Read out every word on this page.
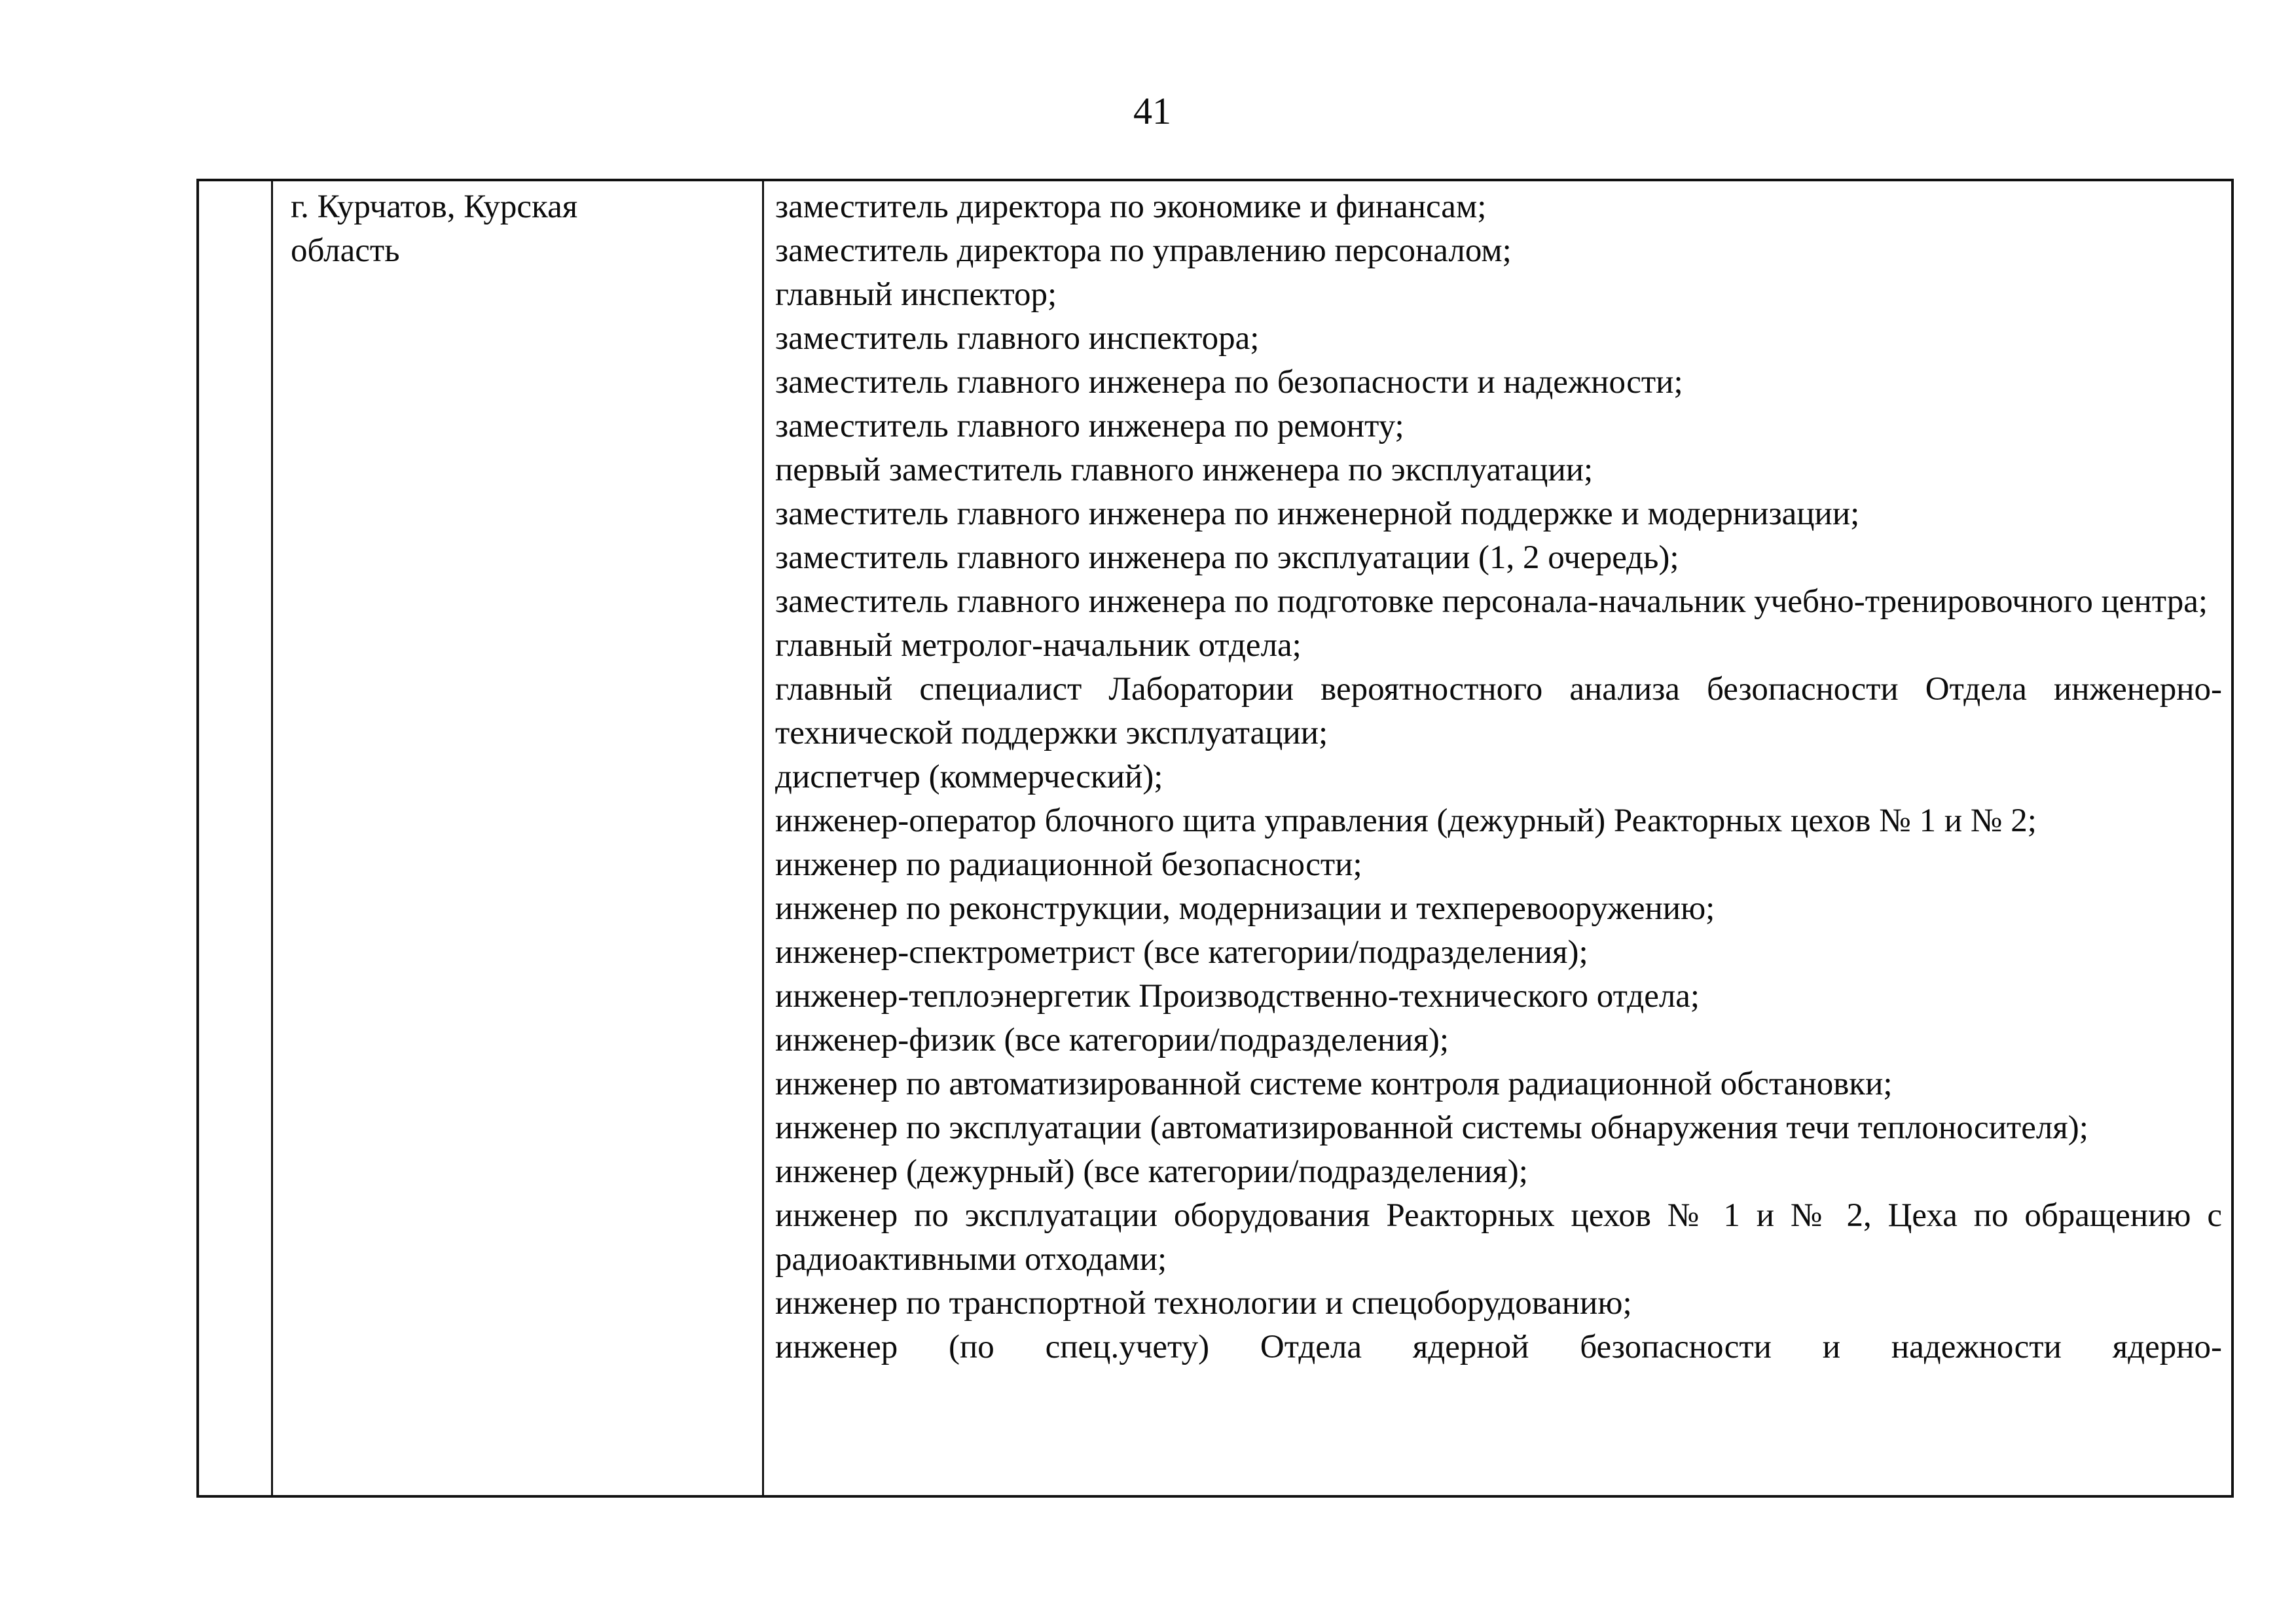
41
г. Курчатов, Курская
область
заместитель директора по экономике и финансам;
заместитель директора по управлению персоналом;
главный инспектор;
заместитель главного инспектора;
заместитель главного инженера по безопасности и надежности;
заместитель главного инженера по ремонту;
первый заместитель главного инженера по эксплуатации;
заместитель главного инженера по инженерной поддержке и модернизации;
заместитель главного инженера по эксплуатации (1, 2 очередь);
заместитель главного инженера по подготовке персонала-начальник учебно-тренировочного центра;
главный метролог-начальник отдела;
главный специалист Лаборатории вероятностного анализа безопасности Отдела инженерно-технической поддержки эксплуатации;
диспетчер (коммерческий);
инженер-оператор блочного щита управления (дежурный) Реакторных цехов № 1 и № 2;
инженер по радиационной безопасности;
инженер по реконструкции, модернизации и техперевооружению;
инженер-спектрометрист (все категории/подразделения);
инженер-теплоэнергетик Производственно-технического отдела;
инженер-физик (все категории/подразделения);
инженер по автоматизированной системе контроля радиационной обстановки;
инженер по эксплуатации (автоматизированной системы обнаружения течи теплоносителя);
инженер (дежурный) (все категории/подразделения);
инженер по эксплуатации оборудования Реакторных цехов № 1 и № 2, Цеха по обращению с радиоактивными отходами;
инженер по транспортной технологии и спецоборудованию;
инженер (по спец.учету) Отдела ядерной безопасности и надежности ядерно-
